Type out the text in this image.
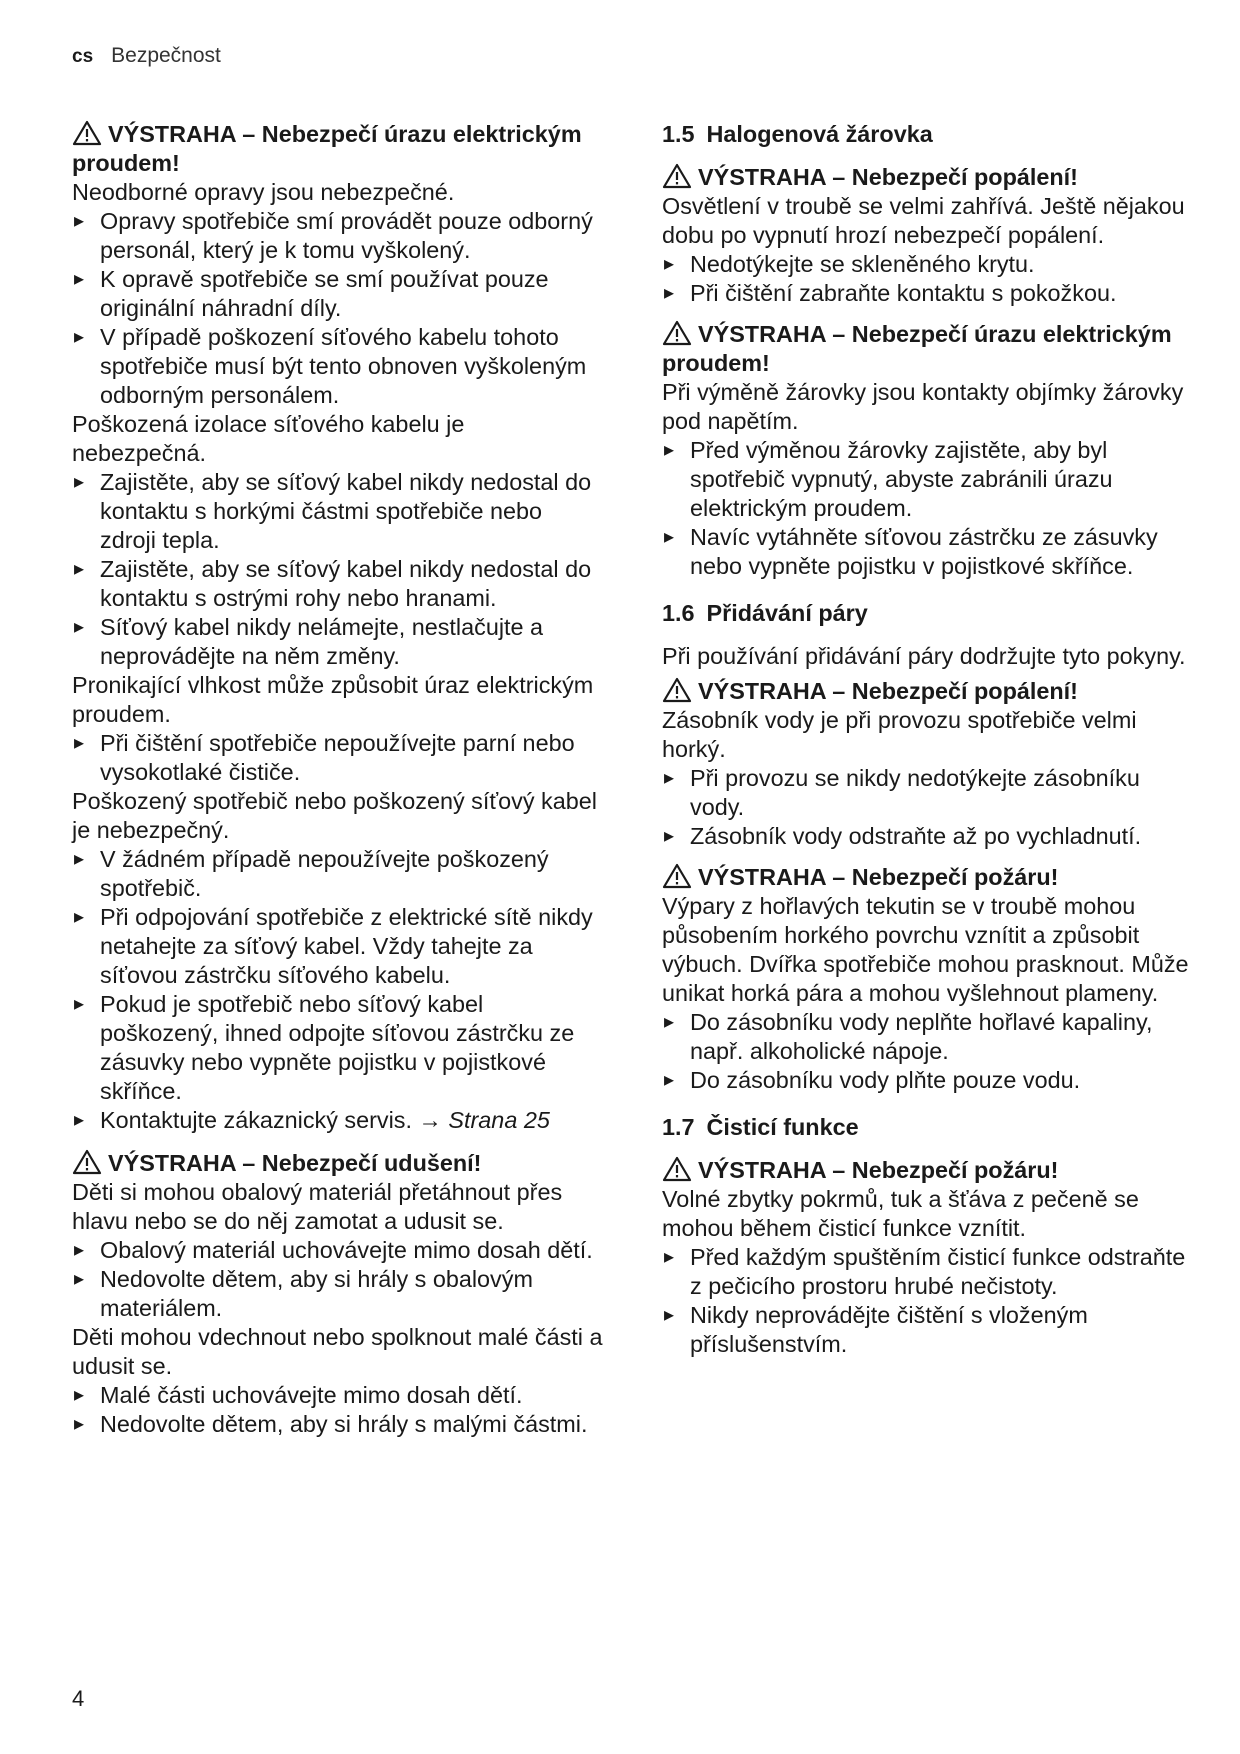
cs Bezpečnost

VÝSTRAHA – Nebezpečí úrazu elektrickým proudem!

Neodborné opravy jsou nebezpečné.

▸ Opravy spotřebiče smí provádět pouze odborný personál, který je k tomu vyškolený.
▸ K opravě spotřebiče se smí používat pouze originální náhradní díly.
▸ V případě poškození síťového kabelu tohoto spotřebiče musí být tento obnoven vyškoleným odborným personálem.

Poškozená izolace síťového kabelu je nebezpečná.

▸ Zajistěte, aby se síťový kabel nikdy nedostal do kontaktu s horkými částmi spotřebiče nebo zdroji tepla.
▸ Zajistěte, aby se síťový kabel nikdy nedostal do kontaktu s ostrými rohy nebo hranami.
▸ Síťový kabel nikdy nelámejte, nestlačujte a neprovádějte na něm změny.

Pronikající vlhkost může způsobit úraz elektrickým proudem.

▸ Při čištění spotřebiče nepoužívejte parní nebo vysokotlaké čističe.

Poškozený spotřebič nebo poškozený síťový kabel je nebezpečný.

▸ V žádném případě nepoužívejte poškozený spotřebič.
▸ Při odpojování spotřebiče z elektrické sítě nikdy netahejte za síťový kabel. Vždy tahejte za síťovou zástrčku síťového kabelu.
▸ Pokud je spotřebič nebo síťový kabel poškozený, ihned odpojte síťovou zástrčku ze zásuvky nebo vypněte pojistku v pojistkové skříňce.
▸ Kontaktujte zákaznický servis. → Strana 25

VÝSTRAHA – Nebezpečí udušení!

Děti si mohou obalový materiál přetáhnout přes hlavu nebo se do něj zamotat a udusit se.

▸ Obalový materiál uchovávejte mimo dosah dětí.
▸ Nedovolte dětem, aby si hrály s obalovým materiálem.

Děti mohou vdechnout nebo spolknout malé části a udusit se.

▸ Malé části uchovávejte mimo dosah dětí.
▸ Nedovolte dětem, aby si hrály s malými částmi.

1.5 Halogenová žárovka

VÝSTRAHA – Nebezpečí popálení!

Osvětlení v troubě se velmi zahřívá. Ještě nějakou dobu po vypnutí hrozí nebezpečí popálení.

▸ Nedotýkejte se skleněného krytu.
▸ Při čištění zabraňte kontaktu s pokožkou.

VÝSTRAHA – Nebezpečí úrazu elektrickým proudem!

Při výměně žárovky jsou kontakty objímky žárovky pod napětím.

▸ Před výměnou žárovky zajistěte, aby byl spotřebič vypnutý, abyste zabránili úrazu elektrickým proudem.
▸ Navíc vytáhněte síťovou zástrčku ze zásuvky nebo vypněte pojistku v pojistkové skříňce.

1.6 Přidávání páry

Při používání přidávání páry dodržujte tyto pokyny.

VÝSTRAHA – Nebezpečí popálení!

Zásobník vody je při provozu spotřebiče velmi horký.

▸ Při provozu se nikdy nedotýkejte zásobníku vody.
▸ Zásobník vody odstraňte až po vychladnutí.

VÝSTRAHA – Nebezpečí požáru!

Výpary z hořlavých tekutin se v troubě mohou působením horkého povrchu vznítit a způsobit výbuch. Dvířka spotřebiče mohou prasknout. Může unikat horká pára a mohou vyšlehnout plameny.

▸ Do zásobníku vody neplňte hořlavé kapaliny, např. alkoholické nápoje.
▸ Do zásobníku vody plňte pouze vodu.

1.7 Čisticí funkce

VÝSTRAHA – Nebezpečí požáru!

Volné zbytky pokrmů, tuk a šťáva z pečeně se mohou během čisticí funkce vznítit.

▸ Před každým spuštěním čisticí funkce odstraňte z pečicího prostoru hrubé nečistoty.
▸ Nikdy neprovádějte čištění s vloženým příslušenstvím.
4
